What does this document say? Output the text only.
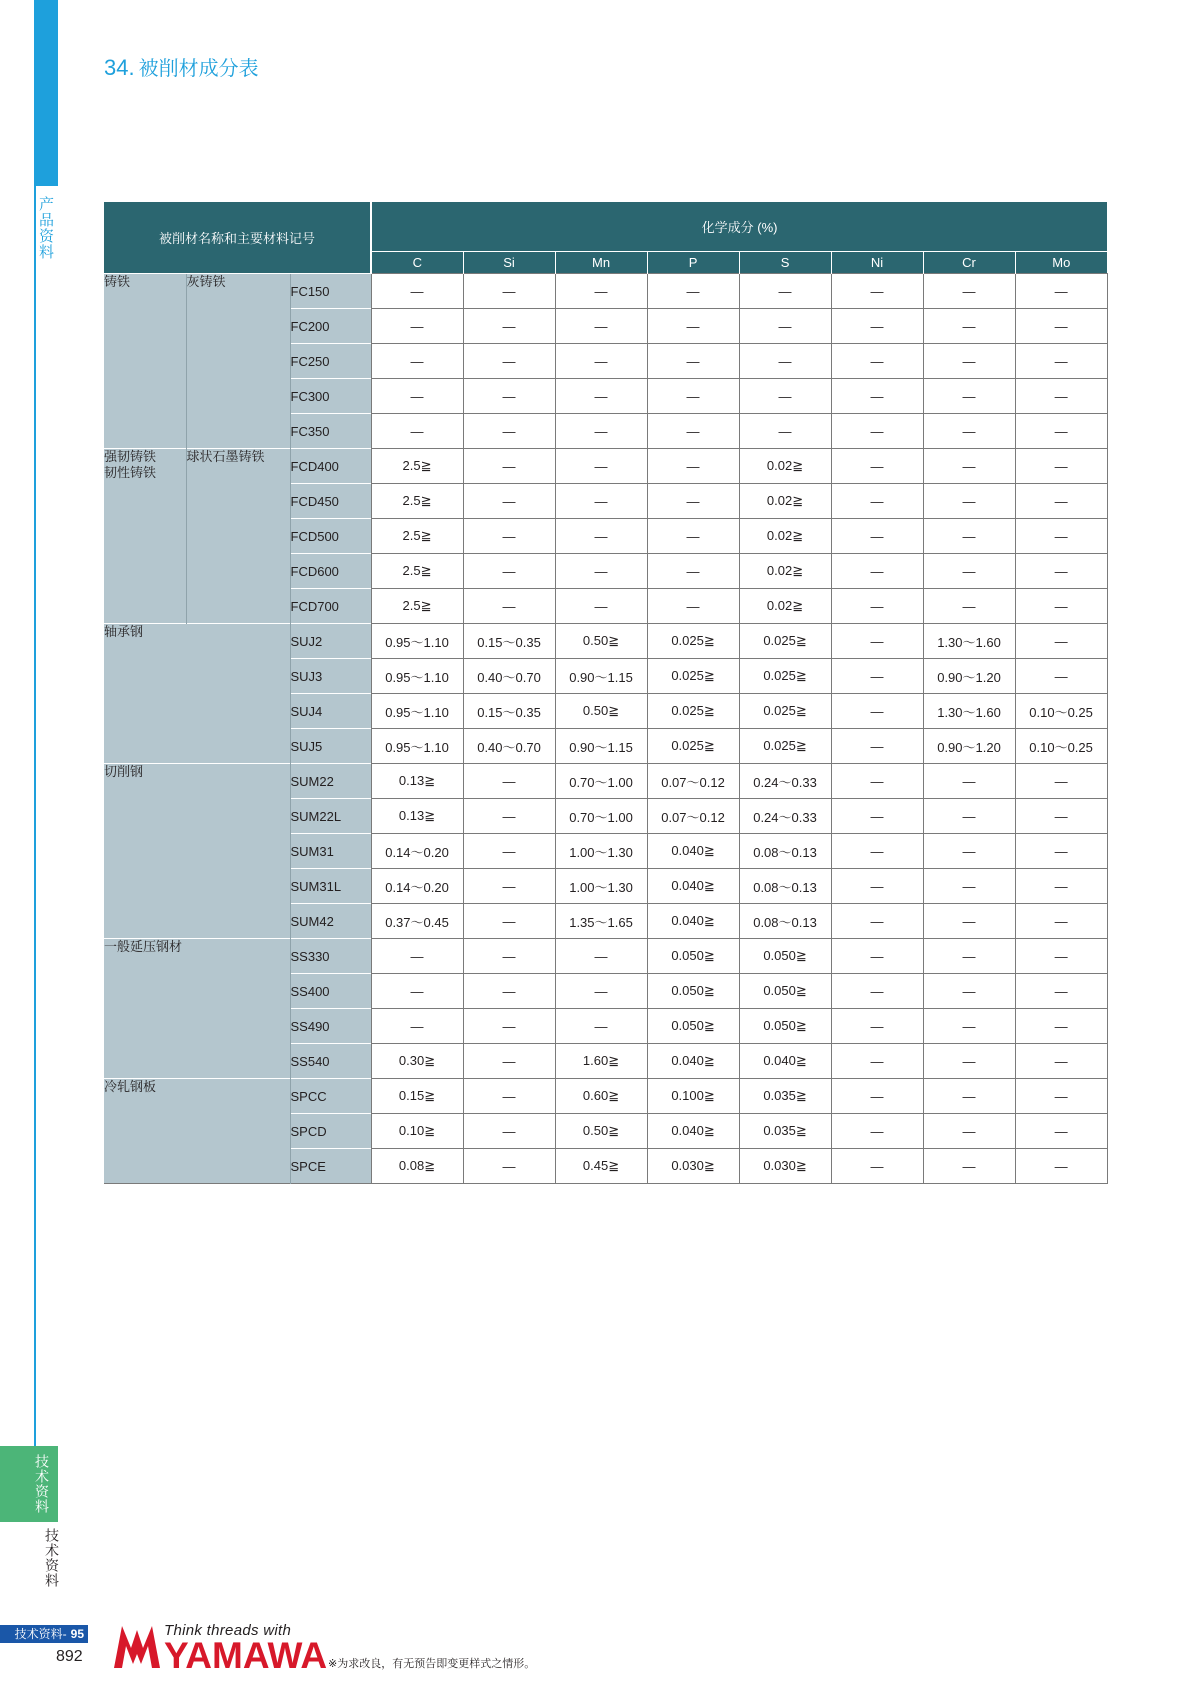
产品资料
技术资料
技术资料
34. 被削材成分表
被削材名称和主要材料记号			化学成分 (%)							
			C	Si	Mn	P	S	Ni	Cr	Mo
铸铁	灰铸铁	FC150	—	—	—	—	—	—	—	—
		FC200	—	—	—	—	—	—	—	—
		FC250	—	—	—	—	—	—	—	—
		FC300	—	—	—	—	—	—	—	—
		FC350	—	—	—	—	—	—	—	—
强韧铸铁
韧性铸铁	球状石墨铸铁	FCD400	2.5≧	—	—	—	0.02≧	—	—	—
		FCD450	2.5≧	—	—	—	0.02≧	—	—	—
		FCD500	2.5≧	—	—	—	0.02≧	—	—	—
		FCD600	2.5≧	—	—	—	0.02≧	—	—	—
		FCD700	2.5≧	—	—	—	0.02≧	—	—	—
轴承钢		SUJ2	0.95～1.10	0.15～0.35	0.50≧	0.025≧	0.025≧	—	1.30～1.60	—
		SUJ3	0.95～1.10	0.40～0.70	0.90～1.15	0.025≧	0.025≧	—	0.90～1.20	—
		SUJ4	0.95～1.10	0.15～0.35	0.50≧	0.025≧	0.025≧	—	1.30～1.60	0.10～0.25
		SUJ5	0.95～1.10	0.40～0.70	0.90～1.15	0.025≧	0.025≧	—	0.90～1.20	0.10～0.25
切削钢		SUM22	0.13≧	—	0.70～1.00	0.07～0.12	0.24～0.33	—	—	—
		SUM22L	0.13≧	—	0.70～1.00	0.07～0.12	0.24～0.33	—	—	—
		SUM31	0.14～0.20	—	1.00～1.30	0.040≧	0.08～0.13	—	—	—
		SUM31L	0.14～0.20	—	1.00～1.30	0.040≧	0.08～0.13	—	—	—
		SUM42	0.37～0.45	—	1.35～1.65	0.040≧	0.08～0.13	—	—	—
一般延压钢材		SS330	—	—	—	0.050≧	0.050≧	—	—	—
		SS400	—	—	—	0.050≧	0.050≧	—	—	—
		SS490	—	—	—	0.050≧	0.050≧	—	—	—
		SS540	0.30≧	—	1.60≧	0.040≧	0.040≧	—	—	—
冷轧钢板		SPCC	0.15≧	—	0.60≧	0.100≧	0.035≧	—	—	—
		SPCD	0.10≧	—	0.50≧	0.040≧	0.035≧	—	—	—
		SPCE	0.08≧	—	0.45≧	0.030≧	0.030≧	—	—	—
技术资料- 95
892
Think threads with
YAMAWA ※为求改良，有无预告即变更样式之情形。
